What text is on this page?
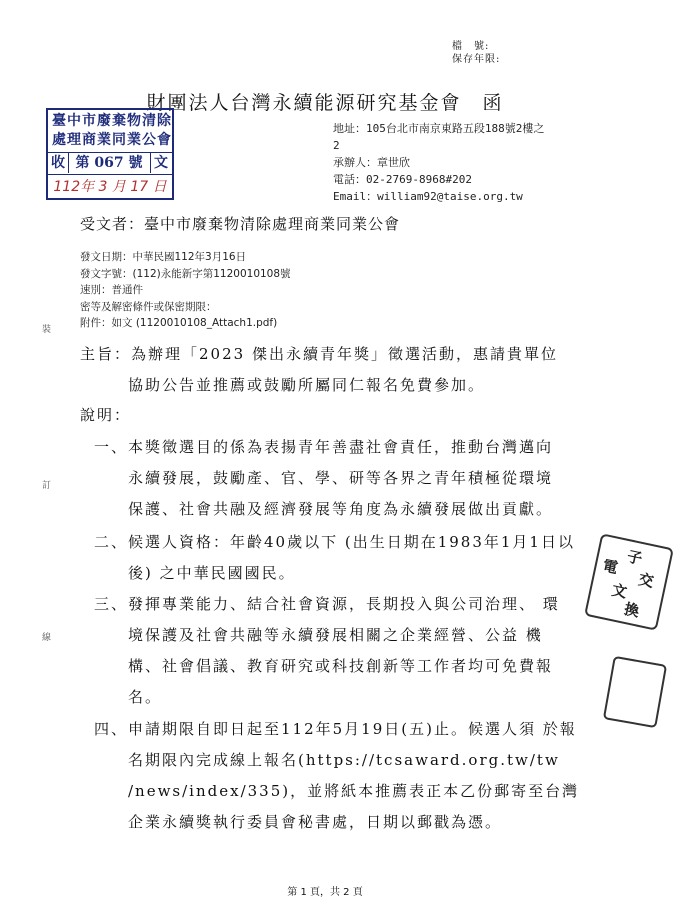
檔　號:
保存年限:
財團法人台灣永續能源研究基金會　函
臺中市廢棄物清除
處理商業同業公會
收 第 067 號 文
112年 3 月 17 日
地址：105台北市南京東路五段188號2樓之
2
承辦人：章世欣
電話：02-2769-8968#202
Email：william92@taise.org.tw
受文者：臺中市廢棄物清除處理商業同業公會
發文日期：中華民國112年3月16日
發文字號：(112)永能新字第1120010108號
速別：普通件
密等及解密條件或保密期限：
附件：如文 (1120010108_Attach1.pdf)
主旨：為辦理「2023 傑出永續青年獎」徵選活動，惠請貴單位
協助公告並推薦或鼓勵所屬同仁報名免費參加。
說明：
一、 本獎徵選目的係為表揚青年善盡社會責任，推動台灣邁向
永續發展，鼓勵產、官、學、研等各界之青年積極從環境
保護、社會共融及經濟發展等角度為永續發展做出貢獻。
二、 候選人資格：年齡40歲以下 (出生日期在1983年1月1日以
後) 之中華民國國民。
三、 發揮專業能力、結合社會資源，長期投入與公司治理、 環
境保護及社會共融等永續發展相關之企業經營、公益 機
構、社會倡議、教育研究或科技創新等工作者均可免費報
名。
四、 申請期限自即日起至112年5月19日(五)止。候選人須 於報
名期限內完成線上報名(https://tcsaward.org.tw/tw
/news/index/335)，並將紙本推薦表正本乙份郵寄至台灣
企業永續獎執行委員會秘書處，日期以郵戳為憑。
裝
訂
線
子
交
電
文
換
第 1 頁，共 2 頁
